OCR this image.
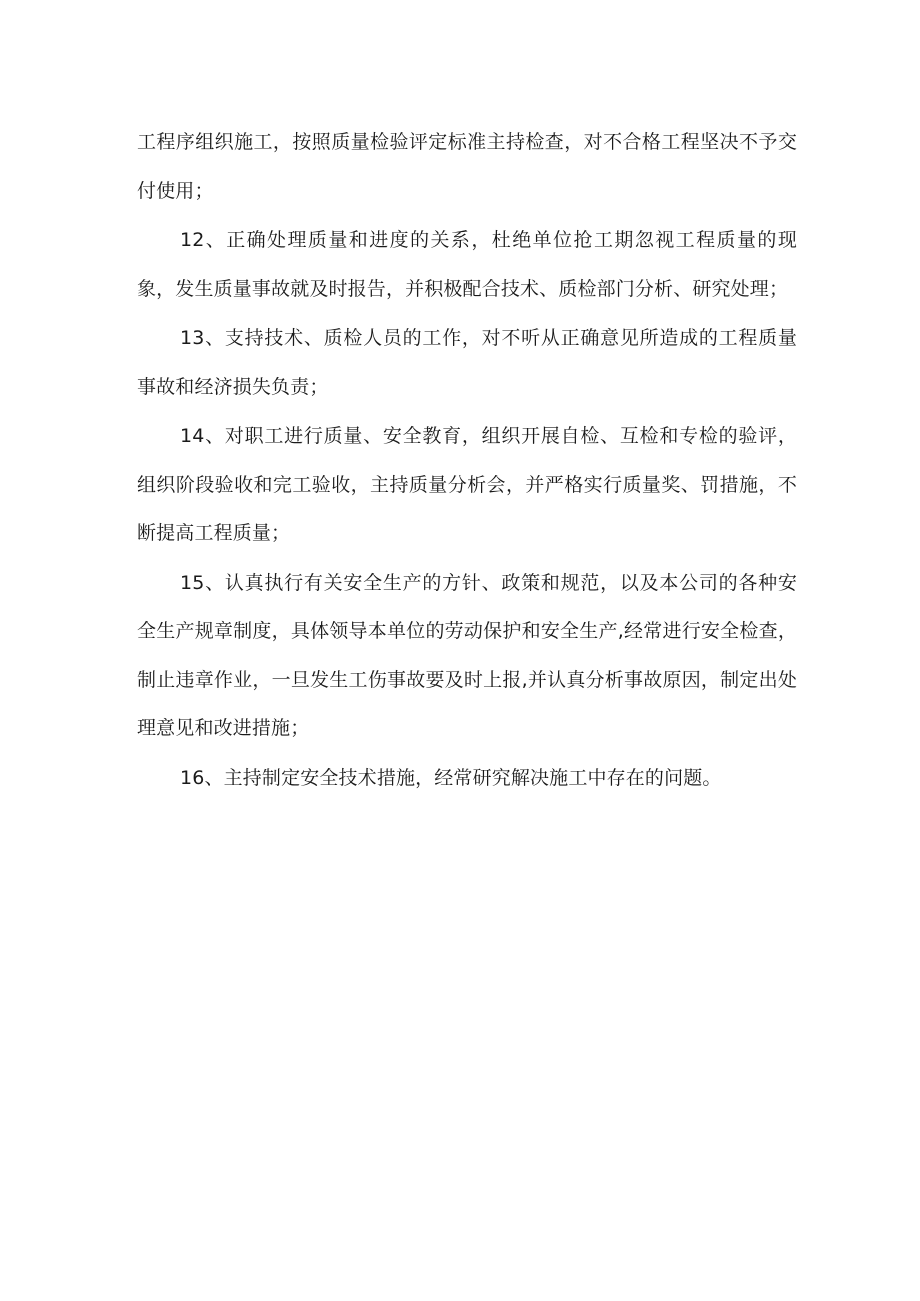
工程序组织施工，按照质量检验评定标准主持检查，对不合格工程坚决不予交付使用；

12、正确处理质量和进度的关系，杜绝单位抢工期忽视工程质量的现象，发生质量事故就及时报告，并积极配合技术、质检部门分析、研究处理；

13、支持技术、质检人员的工作，对不听从正确意见所造成的工程质量事故和经济损失负责；

14、对职工进行质量、安全教育，组织开展自检、互检和专检的验评，组织阶段验收和完工验收，主持质量分析会，并严格实行质量奖、罚措施，不断提高工程质量；

15、认真执行有关安全生产的方针、政策和规范，以及本公司的各种安全生产规章制度，具体领导本单位的劳动保护和安全生产,经常进行安全检查，制止违章作业，一旦发生工伤事故要及时上报,并认真分析事故原因，制定出处理意见和改进措施；

16、主持制定安全技术措施，经常研究解决施工中存在的问题。
